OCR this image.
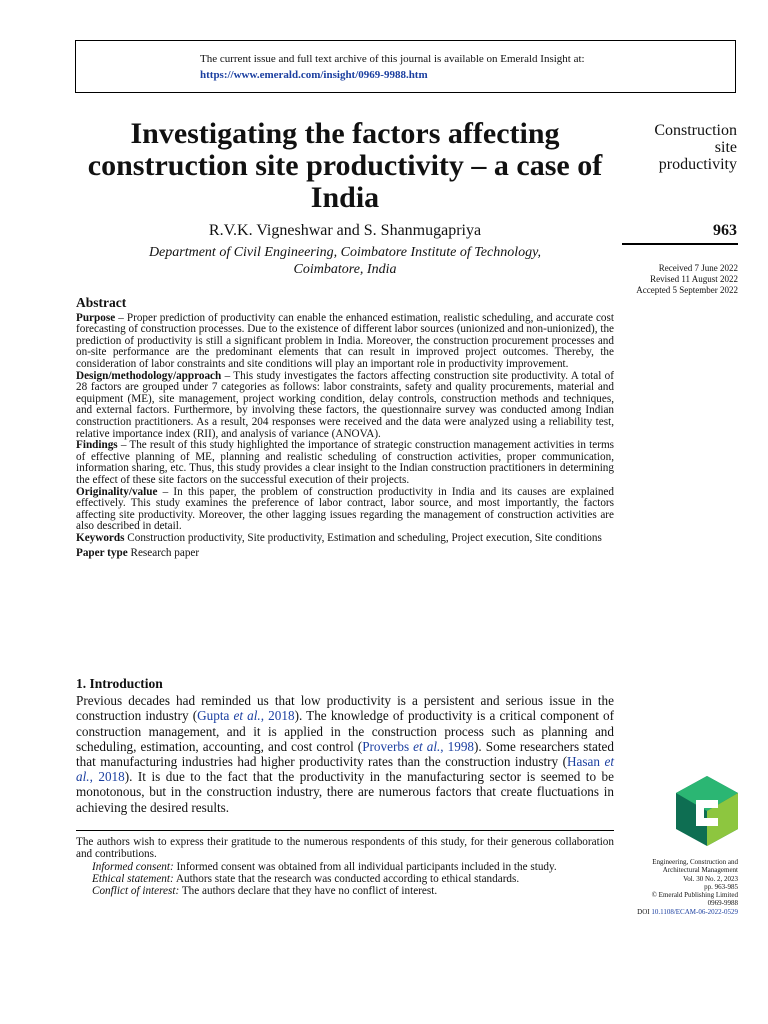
The current issue and full text archive of this journal is available on Emerald Insight at:
https://www.emerald.com/insight/0969-9988.htm
Investigating the factors affecting construction site productivity – a case of India
R.V.K. Vigneshwar and S. Shanmugapriya
Department of Civil Engineering, Coimbatore Institute of Technology,
Coimbatore, India
Construction
site
productivity
963
Received 7 June 2022
Revised 11 August 2022
Accepted 5 September 2022
Abstract

Purpose – Proper prediction of productivity can enable the enhanced estimation, realistic scheduling, and accurate cost forecasting of construction processes. Due to the existence of different labor sources (unionized and non-unionized), the prediction of productivity is still a significant problem in India. Moreover, the construction procurement processes and on-site performance are the predominant elements that can result in improved project outcomes. Thereby, the consideration of labor constraints and site conditions will play an important role in productivity improvement.

Design/methodology/approach – This study investigates the factors affecting construction site productivity. A total of 28 factors are grouped under 7 categories as follows: labor constraints, safety and quality procurements, material and equipment (ME), site management, project working condition, delay controls, construction methods and techniques, and external factors. Furthermore, by involving these factors, the questionnaire survey was conducted among Indian construction practitioners. As a result, 204 responses were received and the data were analyzed using a reliability test, relative importance index (RII), and analysis of variance (ANOVA).

Findings – The result of this study highlighted the importance of strategic construction management activities in terms of effective planning of ME, planning and realistic scheduling of construction activities, proper communication, information sharing, etc. Thus, this study provides a clear insight to the Indian construction practitioners in determining the effect of these site factors on the successful execution of their projects.

Originality/value – In this paper, the problem of construction productivity in India and its causes are explained effectively. This study examines the preference of labor contract, labor source, and most importantly, the factors affecting site productivity. Moreover, the other lagging issues regarding the management of construction activities are also described in detail.

Keywords Construction productivity, Site productivity, Estimation and scheduling, Project execution, Site conditions

Paper type Research paper

1. Introduction

Previous decades had reminded us that low productivity is a persistent and serious issue in the construction industry (Gupta et al., 2018). The knowledge of productivity is a critical component of construction management, and it is applied in the construction process such as planning and scheduling, estimation, accounting, and cost control (Proverbs et al., 1998). Some researchers stated that manufacturing industries had higher productivity rates than the construction industry (Hasan et al., 2018). It is due to the fact that the productivity in the manufacturing sector is seemed to be monotonous, but in the construction industry, there are numerous factors that create fluctuations in achieving the desired results.

The authors wish to express their gratitude to the numerous respondents of this study, for their generous collaboration and contributions.

Informed consent: Informed consent was obtained from all individual participants included in the study.

Ethical statement: Authors state that the research was conducted according to ethical standards.

Conflict of interest: The authors declare that they have no conflict of interest.

Engineering, Construction and
Architectural Management
Vol. 30 No. 2, 2023
pp. 963-985
© Emerald Publishing Limited
0969-9988
DOI 10.1108/ECAM-06-2022-0529
